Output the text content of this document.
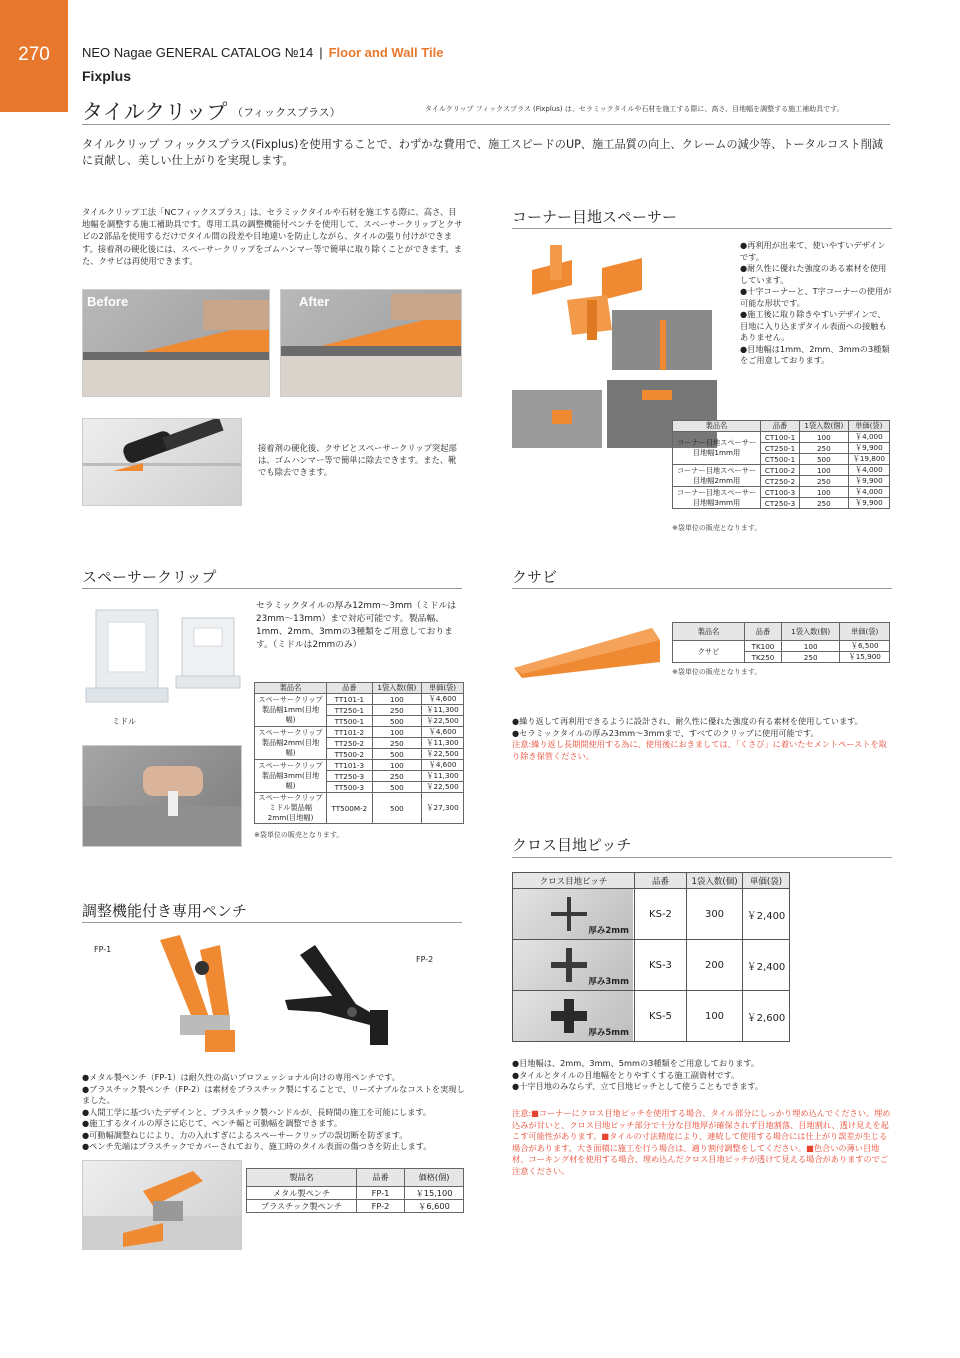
270	NEO Nagae GENERAL CATALOG №14 | Floor and Wall Tile
Fixplus
タイルクリップ （フィックスプラス）	タイルクリップ フィックスプラス (Fixplus) は、セラミックタイルや石材を施工する際に、高さ、目地幅を調整する施工補助具です。
タイルクリップ フィックスプラス(Fixplus)を使用することで、わずかな費用で、施工スピードのUP、施工品質の向上、クレームの減少等、トータルコスト削減に貢献し、美しい仕上がりを実現します。
タイルクリップ工法「NCフィックスプラス」は、セラミックタイルや石材を施工する際に、高さ、目地幅を調整する施工補助具です。専用工具の調整機能付ペンチを使用して、スペーサークリップとクサビの2部品を使用するだけでタイル間の段差や目地違いを防止しながら、タイルの張り付けができます。接着剤の硬化後には、スペーサークリップをゴムハンマー等で簡単に取り除くことができます。また、クサビは再使用できます。
Before	After
接着剤の硬化後、クサビとスペーサークリップ突起部は、ゴムハンマー等で簡単に除去できます。また、靴でも除去できます。
コーナー目地スペーサー
●再利用が出来て、使いやすいデザインです。
●耐久性に優れた強度のある素材を使用しています。
●十字コーナーと、T字コーナーの使用が可能な形状です。
●施工後に取り除きやすいデザインで、目地に入り込まずタイル表面への接触もありません。
●目地幅は1mm、2mm、3mmの3種類をご用意しております。
製品名	品番	1袋入数(個)	単価(袋)
コーナー目地スペーサー目地幅1mm用	CT100-1	100	￥4,000
	CT250-1	250	￥9,900
	CT500-1	500	￥19,800
コーナー目地スペーサー目地幅2mm用	CT100-2	100	￥4,000
	CT250-2	250	￥9,900
コーナー目地スペーサー目地幅3mm用	CT100-3	100	￥4,000
	CT250-3	250	￥9,900
※袋単位の販売となります。
スペーサークリップ
ミドル
セラミックタイルの厚み12mm～3mm（ミドルは23mm～13mm）まで対応可能です。製品幅、1mm、2mm、3mmの3種類をご用意しております。（ミドルは2mmのみ）
製品名	品番	1袋入数(個)	単価(袋)
スペーサークリップ製品幅1mm(目地幅)	TT101-1	100	￥4,600
	TT250-1	250	￥11,300
	TT500-1	500	￥22,500
スペーサークリップ製品幅2mm(目地幅)	TT101-2	100	￥4,600
	TT250-2	250	￥11,300
	TT500-2	500	￥22,500
スペーサークリップ製品幅3mm(目地幅)	TT101-3	100	￥4,600
	TT250-3	250	￥11,300
	TT500-3	500	￥22,500
スペーサークリップミドル製品幅2mm(目地幅)	TT500M-2	500	￥27,300
※袋単位の販売となります。
クサビ
製品名	品番	1袋入数(個)	単価(袋)
クサビ	TK100	100	￥6,500
	TK250	250	￥15,900
※袋単位の販売となります。
●繰り返して再利用できるように設計され、耐久性に優れた強度の有る素材を使用しています。
●セラミックタイルの厚み23mm～3mmまで、すべてのクリップに使用可能です。
注意:繰り返し長期間使用する為に、使用後におきましては、「くさび」に着いたセメントペーストを取り除き保管ください。
クロス目地ピッチ
クロス目地ピッチ	品番	1袋入数(個)	単価(袋)

厚み2mm	KS-2	300	￥2,400

厚み3mm	KS-3	200	￥2,400

厚み5mm	KS-5	100	￥2,600
●目地幅は、2mm、3mm、5mmの3種類をご用意しております。
●タイルとタイルの目地幅をとりやすくする施工副資材です。
●十字目地のみならず、立て目地ピッチとして使うこともできます。
注意:■コーナーにクロス目地ピッチを使用する場合、タイル部分にしっかり埋め込んでください。埋め込みが甘いと、クロス目地ピッチ部分で十分な目地厚が確保されず目地割落、目地割れ、透け見えを起こす可能性があります。■タイルの寸法精度により、連続して使用する場合には仕上がり誤差が生じる場合があります。大き面積に施工を行う場合は、適り割付調整をしてください。■色合いの薄い目地材、コーキング材を使用する場合、埋め込んだクロス目地ピッチが透けて見える場合がありますのでご注意ください。
調整機能付き専用ペンチ
FP-1
FP-2
●メタル製ペンチ（FP-1）は耐久性の高いプロフェッショナル向けの専用ペンチです。
●プラスチック製ペンチ（FP-2）は素材をプラスチック製にすることで、リーズナブルなコストを実現しました。
●人間工学に基づいたデザインと、プラスチック製ハンドルが、長時間の施工を可能にします。
●施工するタイルの厚さに応じて、ペンチ幅と可動幅を調整できます。
●可動幅調整ねじにより、力の入れすぎによるスペーサークリップの誤切断を防ぎます。
●ペンチ先端はプラスチックでカバーされており、施工時のタイル表面の傷つきを防止します。
製品名	品番	価格(個)
メタル製ペンチ	FP-1	￥15,100
プラスチック製ペンチ	FP-2	￥6,600
